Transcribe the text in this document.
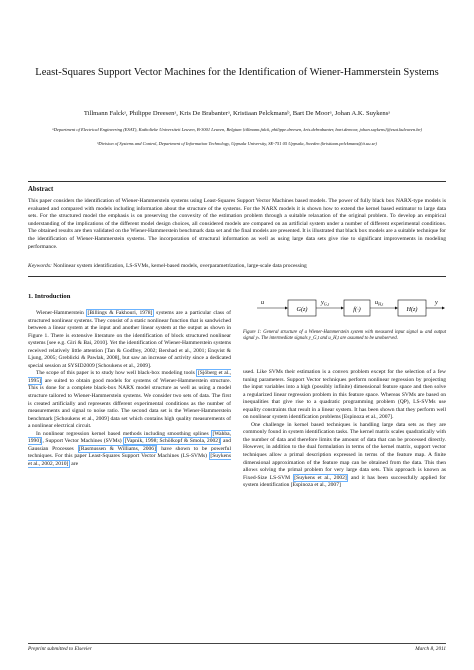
Least-Squares Support Vector Machines for the Identification of Wiener-Hammerstein Systems
Tillmann Falckᵃ, Philippe Dreesenᵃ, Kris De Brabanterᵃ, Kristiaan Pelckmansᵇ, Bart De Moorᵃ, Johan A.K. Suykensᵃ
ᵃDepartment of Electrical Engineering (ESAT), Katholieke Universiteit Leuven, B-3001 Leuven, Belgium {tillmann.falck, philippe.dreesen, kris.debrabanter, bart.demoor, johan.suykens}@esat.kuleuven.be)
ᵇDivision of Systems and Control, Department of Information Technology, Uppsala University, SE-751 05 Uppsala, Sweden (kristiaan.pelckmans@it.uu.se)
Abstract
This paper considers the identification of Wiener-Hammerstein systems using Least-Squares Support Vector Machines based models. The power of fully black box NARX-type models is evaluated and compared with models including information about the structure of the systems. For the NARX models it is shown how to extend the kernel based estimator to large data sets. For the structured model the emphasis is on preserving the convexity of the estimation problem through a suitable relaxation of the original problem. To develop an empirical understanding of the implications of the different model design choices, all considered models are compared on an artificial system under a number of different experimental conditions. The obtained results are then validated on the Wiener-Hammerstein benchmark data set and the final models are presented. It is illustrated that black box models are a suitable technique for the identification of Wiener-Hammerstein systems. The incorporation of structural information as well as using large data sets give rise to significant improvements in modeling performance.
Keywords: Nonlinear system identification, LS-SVMs, kernel-based models, overparametrization, large-scale data processing
1. Introduction

Wiener-Hammerstein [Billings & Fakhouri, 1978] systems are a particular class of structured nonlinear systems. They consist of a static nonlinear function that is sandwiched between a linear system at the input and another linear system at the output as shown in Figure 1. There is extensive literature on the identification of block structured nonlinear systems [see e.g. Giri & Bai, 2010]. Yet the identification of Wiener-Hammerstein systems received relatively little attention [Tan & Godfrey, 2002; Bershad et al., 2001; Enqvist & Ljung, 2005; Greblicki & Pawlak, 2008], but saw an increase of activity since a dedicated special session at SYSID2009 [Schoukens et al., 2009].

The scope of this paper is to study how well black-box modeling tools [Sjöberg et al., 1995] are suited to obtain good models for systems of Wiener-Hammerstein structure. This is done for a complete black-box NARX model structure as well as using a model structure tailored to Wiener-Hammerstein systems. We consider two sets of data. The first is created artificially and represents different experimental conditions as the number of measurements and signal to noise ratio. The second data set is the Wiener-Hammerstein benchmark [Schoukens et al., 2009] data set which contains high quality measurements of a nonlinear electrical circuit.

In nonlinear regression kernel based methods including smoothing splines [Wahba, 1990] , Support Vector Machines (SVMs) [Vapnik, 1998; Schölkopf & Smola, 2002] and Gaussian Processes [Rasmussen & Williams, 2006] have shown to be powerful techniques. For this paper Least-Squares Support Vector Machines (LS-SVMs) [Suykens et al., 2002, 2010] are

u
G(z)
$y_{G,t}$
f(·)
$u_{H,t}$
H(z)
y
Figure 1: General structure of a Wiener-Hammerstein system with measured input signal uₜ and output signal yₜ. The intermediate signals y_G,t and u_H,t are assumed to be unobserved.

used. Like SVMs their estimation is a convex problem except for the selection of a few tuning parameters. Support Vector techniques perform nonlinear regression by projecting the input variables into a high (possibly infinite) dimensional feature space and then solve a regularized linear regression problem in this feature space. Whereas SVMs are based on inequalities that give rise to a quadratic programming problem (QP), LS-SVMs use equality constraints that result in a linear system. It has been shown that they perform well on nonlinear system identification problems [Espinoza et al., 2007].

One challenge in kernel based techniques is handling large data sets as they are commonly found in system identification tasks. The kernel matrix scales quadratically with the number of data and therefore limits the amount of data that can be processed directly. However, in addition to the dual formulation in terms of the kernel matrix, support vector techniques allow a primal description expressed in terms of the feature map. A finite dimensional approximation of the feature map can be obtained from the data. This then allows solving the primal problem for very large data sets. This approach is known as Fixed-Size LS-SVM [Suykens et al., 2002] and it has been successfully applied for system identification [Espinoza et al., 2007]

Preprint submitted to Elsevier	March 8, 2011
